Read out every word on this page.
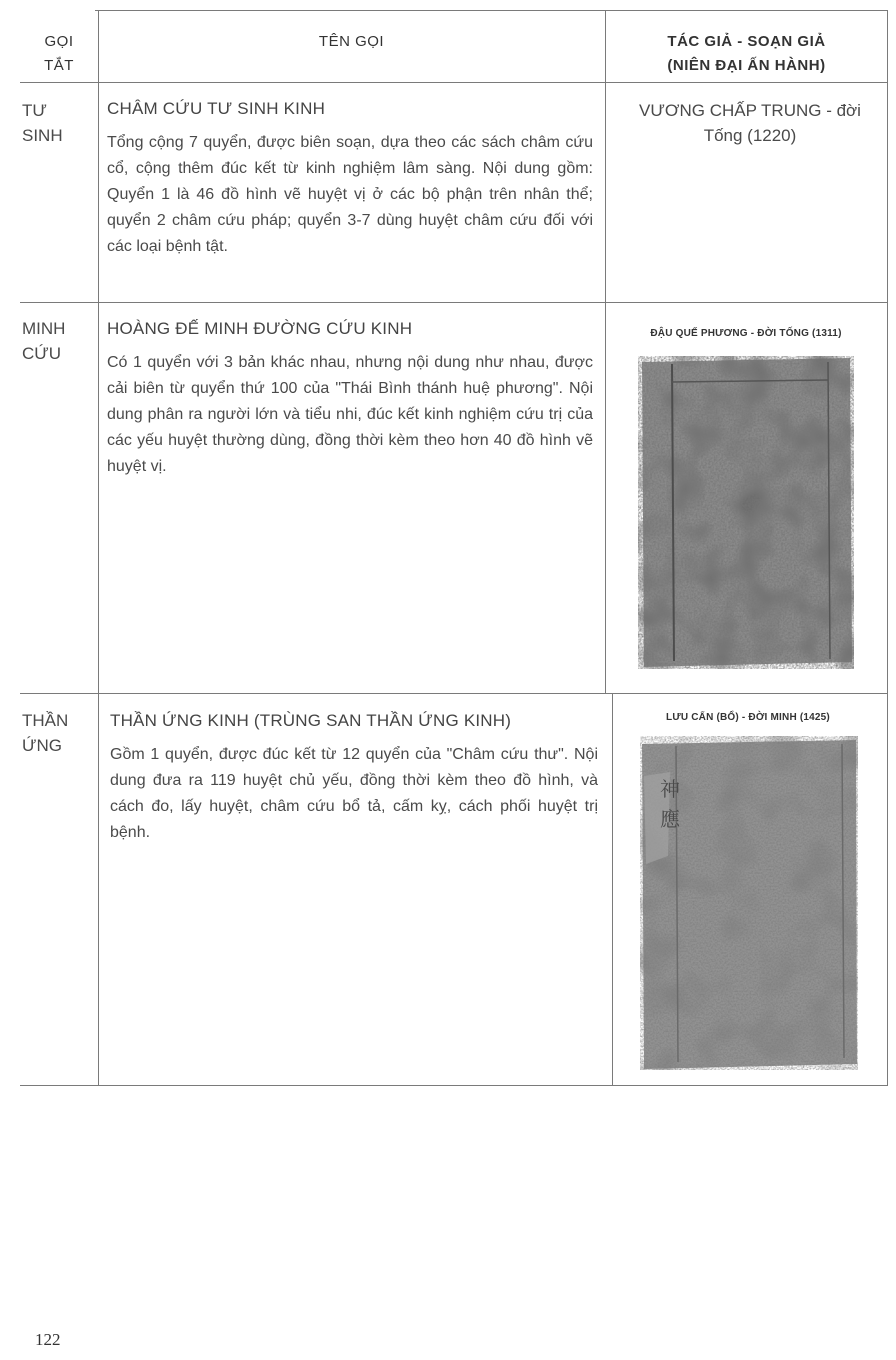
GỌI TẮT
TÊN GỌI	TÁC GIẢ - SOẠN GIẢ
(NIÊN ĐẠI ẤN HÀNH)
TƯ
SINH
CHÂM CỨU TƯ SINH KINH
Tổng cộng 7 quyển, được biên soạn, dựa theo các sách châm cứu cổ, cộng thêm đúc kết từ kinh nghiệm lâm sàng. Nội dung gồm: Quyển 1 là 46 đồ hình vẽ huyệt vị ở các bộ phận trên nhân thể; quyển 2 châm cứu pháp; quyển 3-7 dùng huyệt châm cứu đối với các loại bệnh tật.
VƯƠNG CHẤP TRUNG - đời
Tống (1220)
MINH
CỨU
HOÀNG ĐẾ MINH ĐƯỜNG CỨU KINH
Có 1 quyển với 3 bản khác nhau, nhưng nội dung như nhau, được cải biên từ quyển thứ 100 của "Thái Bình thánh huệ phương". Nội dung phân ra người lớn và tiểu nhi, đúc kết kinh nghiệm cứu trị của các yếu huyệt thường dùng, đồng thời kèm theo hơn 40 đồ hình vẽ huyệt vị.
ĐẬU QUẾ PHƯƠNG - ĐỜI TỐNG (1311)
THẦN
ỨNG
THẦN ỨNG KINH (TRÙNG SAN THẦN ỨNG KINH)
Gồm 1 quyển, được đúc kết từ 12 quyển của "Châm cứu thư". Nội dung đưa ra 119 huyệt chủ yếu, đồng thời kèm theo đồ hình, và cách đo, lấy huyệt, châm cứu bổ tả, cấm kỵ, cách phối huyệt trị bệnh.
LƯU CẨN (BỔ) - ĐỜI MINH (1425)
神
應
122
